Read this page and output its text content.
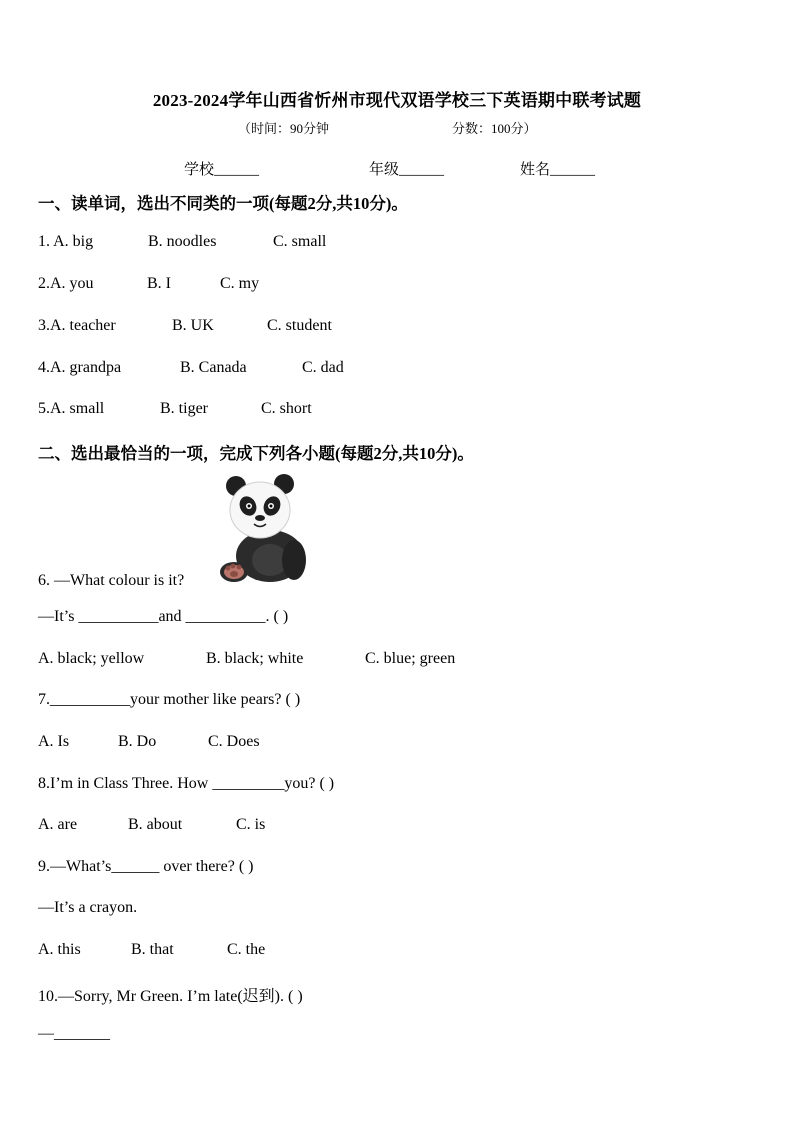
2023-2024学年山西省忻州市现代双语学校三下英语期中联考试题
（时间：90分钟	分数：100分）
学校______	年级______	姓名______
一、读单词，选出不同类的一项(每题2分,共10分)。
1. A. big	B. noodles	C. small
2.A. you	B. I	C. my
3.A. teacher	B. UK	C. student
4.A. grandpa	B. Canada	C. dad
5.A. small	B. tiger	C. short
二、选出最恰当的一项，完成下列各小题(每题2分,共10分)。
6. —What colour is it?
—It’s __________and __________. ( )
A. black; yellow	B. black; white	C. blue; green
7.__________your mother like pears? ( )
A. Is	B. Do	C. Does
8.I’m in Class Three. How _________you? ( )
A. are	B. about	C. is
9.—What’s______ over there? ( )
—It’s a crayon.
A. this	B. that	C. the
10.—Sorry, Mr Green. I’m late(迟到). ( )
—_______
